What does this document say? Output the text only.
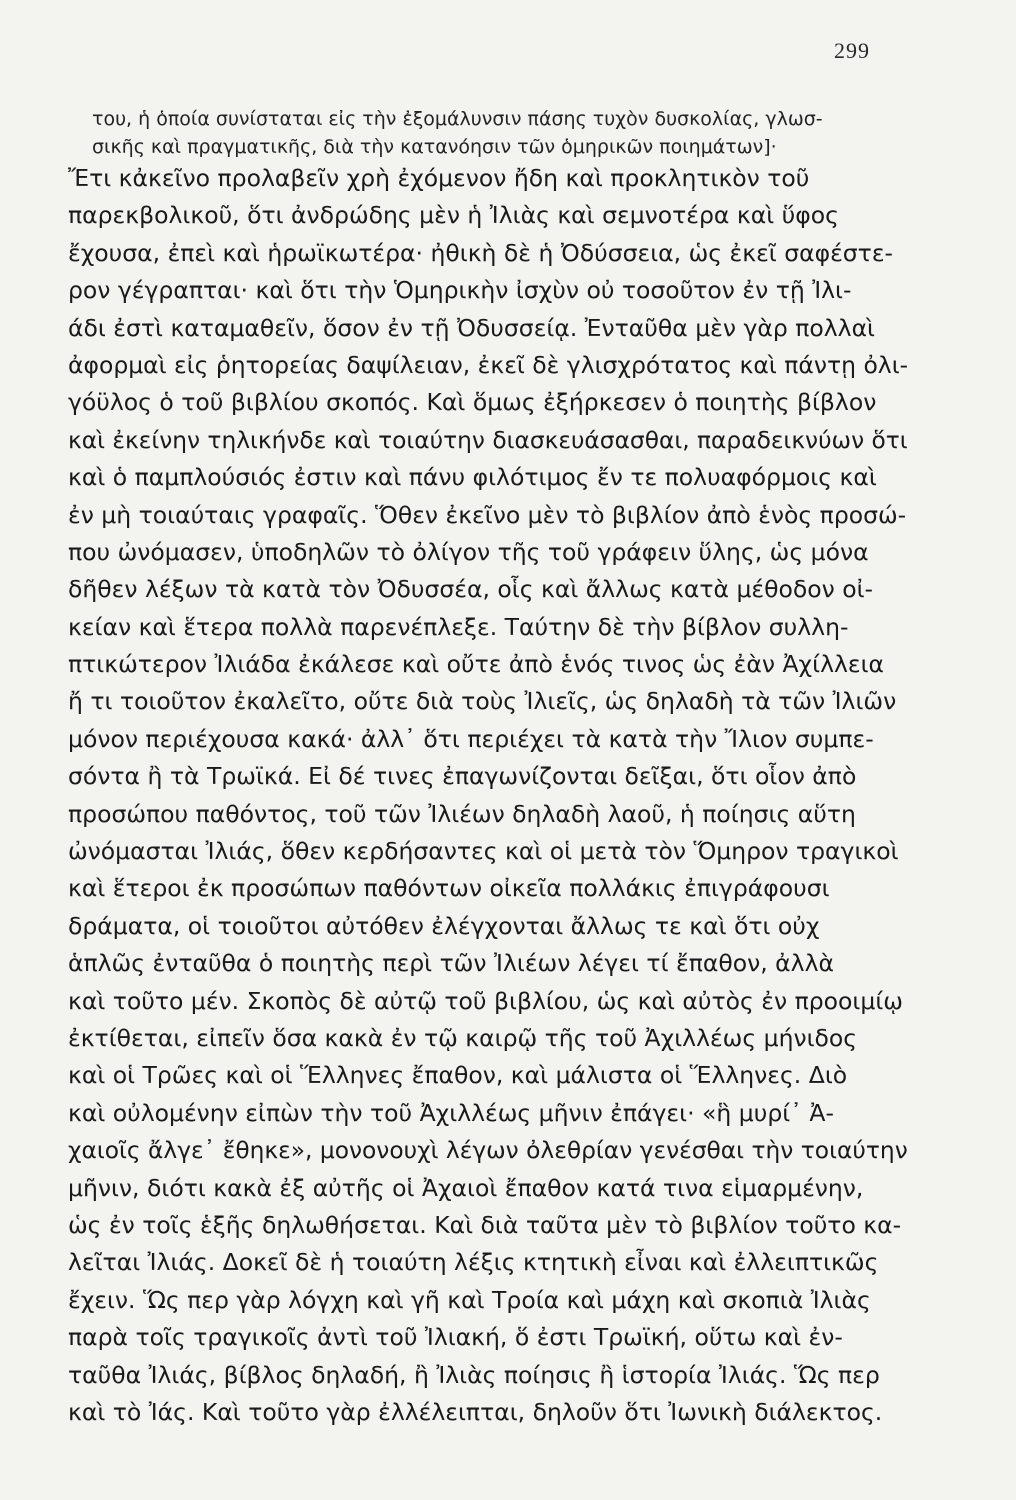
299
του, ἡ ὁποία συνίσταται εἰς τὴν ἐξομάλυνσιν πάσης τυχὸν δυσκολίας, γλωσ-
σικῆς καὶ πραγματικῆς, διὰ τὴν κατανόησιν τῶν ὁμηρικῶν ποιημάτων]·
Ἔτι κἀκεῖνο προλαβεῖν χρὴ ἐχόμενον ἤδη καὶ προκλητικὸν τοῦ
παρεκβολικοῦ, ὅτι ἀνδρώδης μὲν ἡ Ἰλιὰς καὶ σεμνοτέρα καὶ ὕφος
ἔχουσα, ἐπεὶ καὶ ἡρωϊκωτέρα· ἠθικὴ δὲ ἡ Ὀδύσσεια, ὡς ἐκεῖ σαφέστε-
ρον γέγραπται· καὶ ὅτι τὴν Ὁμηρικὴν ἰσχὺν οὐ τοσοῦτον ἐν τῇ Ἰλι-
άδι ἐστὶ καταμαθεῖν, ὅσον ἐν τῇ Ὀδυσσείᾳ. Ἐνταῦθα μὲν γὰρ πολλαὶ
ἀφορμαὶ εἰς ῥητορείας δαψίλειαν, ἐκεῖ δὲ γλισχρότατος καὶ πάντῃ ὀλι-
γόϋλος ὁ τοῦ βιβλίου σκοπός. Καὶ ὅμως ἐξήρκεσεν ὁ ποιητὴς βίβλον
καὶ ἐκείνην τηλικήνδε καὶ τοιαύτην διασκευάσασθαι, παραδεικνύων ὅτι
καὶ ὁ παμπλούσιός ἐστιν καὶ πάνυ φιλότιμος ἔν τε πολυαφόρμοις καὶ
ἐν μὴ τοιαύταις γραφαῖς. Ὅθεν ἐκεῖνο μὲν τὸ βιβλίον ἀπὸ ἑνὸς προσώ-
που ὠνόμασεν, ὑποδηλῶν τὸ ὀλίγον τῆς τοῦ γράφειν ὕλης, ὡς μόνα
δῆθεν λέξων τὰ κατὰ τὸν Ὀδυσσέα, οἷς καὶ ἄλλως κατὰ μέθοδον οἰ-
κείαν καὶ ἕτερα πολλὰ παρενέπλεξε. Ταύτην δὲ τὴν βίβλον συλλη-
πτικώτερον Ἰλιάδα ἐκάλεσε καὶ οὔτε ἀπὸ ἑνός τινος ὡς ἐὰν Ἀχίλλεια
ἤ τι τοιοῦτον ἐκαλεῖτο, οὔτε διὰ τοὺς Ἰλιεῖς, ὡς δηλαδὴ τὰ τῶν Ἰλιῶν
μόνον περιέχουσα κακά· ἀλλ᾽ ὅτι περιέχει τὰ κατὰ τὴν Ἴλιον συμπε-
σόντα ἢ τὰ Τρωϊκά. Εἰ δέ τινες ἐπαγωνίζονται δεῖξαι, ὅτι οἷον ἀπὸ
προσώπου παθόντος, τοῦ τῶν Ἰλιέων δηλαδὴ λαοῦ, ἡ ποίησις αὕτη
ὠνόμασται Ἰλιάς, ὅθεν κερδήσαντες καὶ οἱ μετὰ τὸν Ὅμηρον τραγικοὶ
καὶ ἕτεροι ἐκ προσώπων παθόντων οἰκεῖα πολλάκις ἐπιγράφουσι
δράματα, οἱ τοιοῦτοι αὐτόθεν ἐλέγχονται ἄλλως τε καὶ ὅτι οὐχ
ἁπλῶς ἐνταῦθα ὁ ποιητὴς περὶ τῶν Ἰλιέων λέγει τί ἔπαθον, ἀλλὰ
καὶ τοῦτο μέν. Σκοπὸς δὲ αὐτῷ τοῦ βιβλίου, ὡς καὶ αὐτὸς ἐν προοιμίῳ
ἐκτίθεται, εἰπεῖν ὅσα κακὰ ἐν τῷ καιρῷ τῆς τοῦ Ἀχιλλέως μήνιδος
καὶ οἱ Τρῶες καὶ οἱ Ἕλληνες ἔπαθον, καὶ μάλιστα οἱ Ἕλληνες. Διὸ
καὶ οὐλομένην εἰπὼν τὴν τοῦ Ἀχιλλέως μῆνιν ἐπάγει· «ἣ μυρί᾽ Ἀ-
χαιοῖς ἄλγε᾽ ἔθηκε», μονονουχὶ λέγων ὀλεθρίαν γενέσθαι τὴν τοιαύτην
μῆνιν, διότι κακὰ ἐξ αὐτῆς οἱ Ἀχαιοὶ ἔπαθον κατά τινα εἱμαρμένην,
ὡς ἐν τοῖς ἑξῆς δηλωθήσεται. Καὶ διὰ ταῦτα μὲν τὸ βιβλίον τοῦτο κα-
λεῖται Ἰλιάς. Δοκεῖ δὲ ἡ τοιαύτη λέξις κτητικὴ εἶναι καὶ ἐλλειπτικῶς
ἔχειν. Ὥς περ γὰρ λόγχη καὶ γῆ καὶ Τροία καὶ μάχη καὶ σκοπιὰ Ἰλιὰς
παρὰ τοῖς τραγικοῖς ἀντὶ τοῦ Ἰλιακή, ὅ ἐστι Τρωϊκή, οὕτω καὶ ἐν-
ταῦθα Ἰλιάς, βίβλος δηλαδή, ἢ Ἰλιὰς ποίησις ἢ ἱστορία Ἰλιάς. Ὥς περ
καὶ τὸ Ἰάς. Καὶ τοῦτο γὰρ ἐλλέλειπται, δηλοῦν ὅτι Ἰωνικὴ διάλεκτος.
